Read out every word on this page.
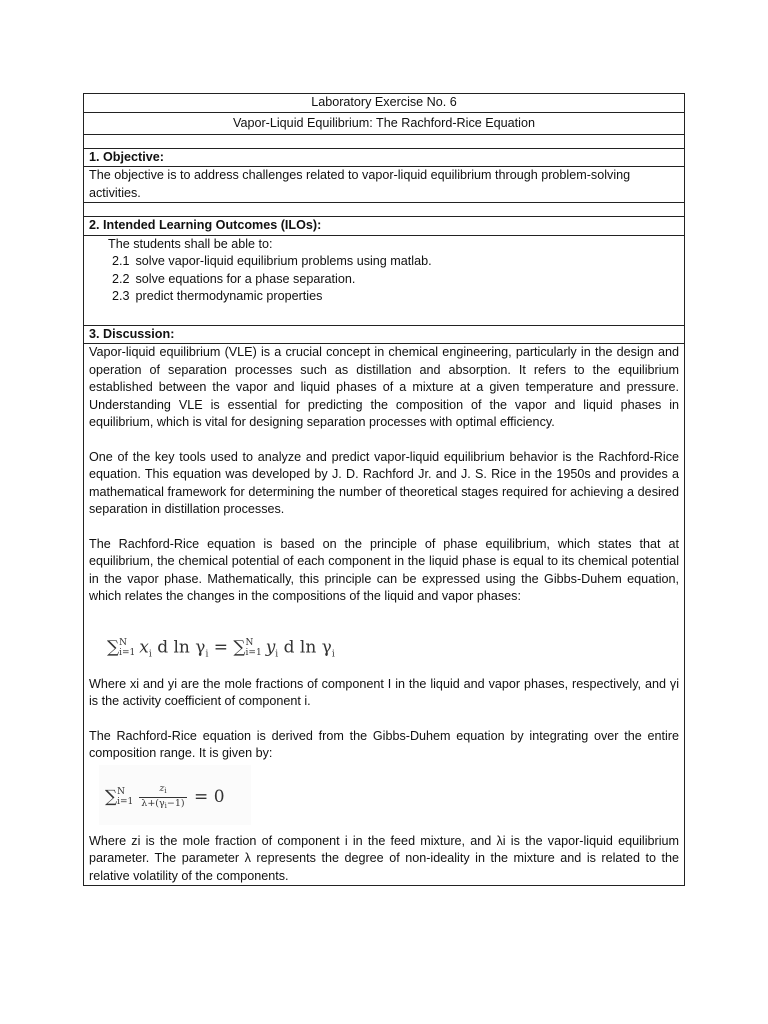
Laboratory Exercise No. 6
Vapor-Liquid Equilibrium: The Rachford-Rice Equation

1. Objective:
The objective is to address challenges related to vapor-liquid equilibrium through problem-solving activities.

2. Intended Learning Outcomes (ILOs):

The students shall be able to:
2.1 solve vapor-liquid equilibrium problems using matlab.
2.2 solve equations for a phase separation.
2.3 predict thermodynamic properties

3. Discussion:

Vapor-liquid equilibrium (VLE) is a crucial concept in chemical engineering, particularly in the design and operation of separation processes such as distillation and absorption. It refers to the equilibrium established between the vapor and liquid phases of a mixture at a given temperature and pressure. Understanding VLE is essential for predicting the composition of the vapor and liquid phases in equilibrium, which is vital for designing separation processes with optimal efficiency.

One of the key tools used to analyze and predict vapor-liquid equilibrium behavior is the Rachford-Rice equation. This equation was developed by J. D. Rachford Jr. and J. S. Rice in the 1950s and provides a mathematical framework for determining the number of theoretical stages required for achieving a desired separation in distillation processes.

The Rachford-Rice equation is based on the principle of phase equilibrium, which states that at equilibrium, the chemical potential of each component in the liquid phase is equal to its chemical potential in the vapor phase. Mathematically, this principle can be expressed using the Gibbs-Duhem equation, which relates the changes in the compositions of the liquid and vapor phases:

∑ N
i=1 $x_i$ d $\ln \gamma_i$ = ∑ N
i=1 $y_i$ d $\ln \gamma_i$

Where xi and yi are the mole fractions of component I in the liquid and vapor phases, respectively, and γi is the activity coefficient of component i.

The Rachford-Rice equation is derived from the Gibbs-Duhem equation by integrating over the entire composition range. It is given by:

∑ N
$i=1 \frac{z_i}{\lambda+(\gamma_i-1)} = 0$

Where zi is the mole fraction of component i in the feed mixture, and λi is the vapor-liquid equilibrium parameter. The parameter λ represents the degree of non-ideality in the mixture and is related to the relative volatility of the components.
